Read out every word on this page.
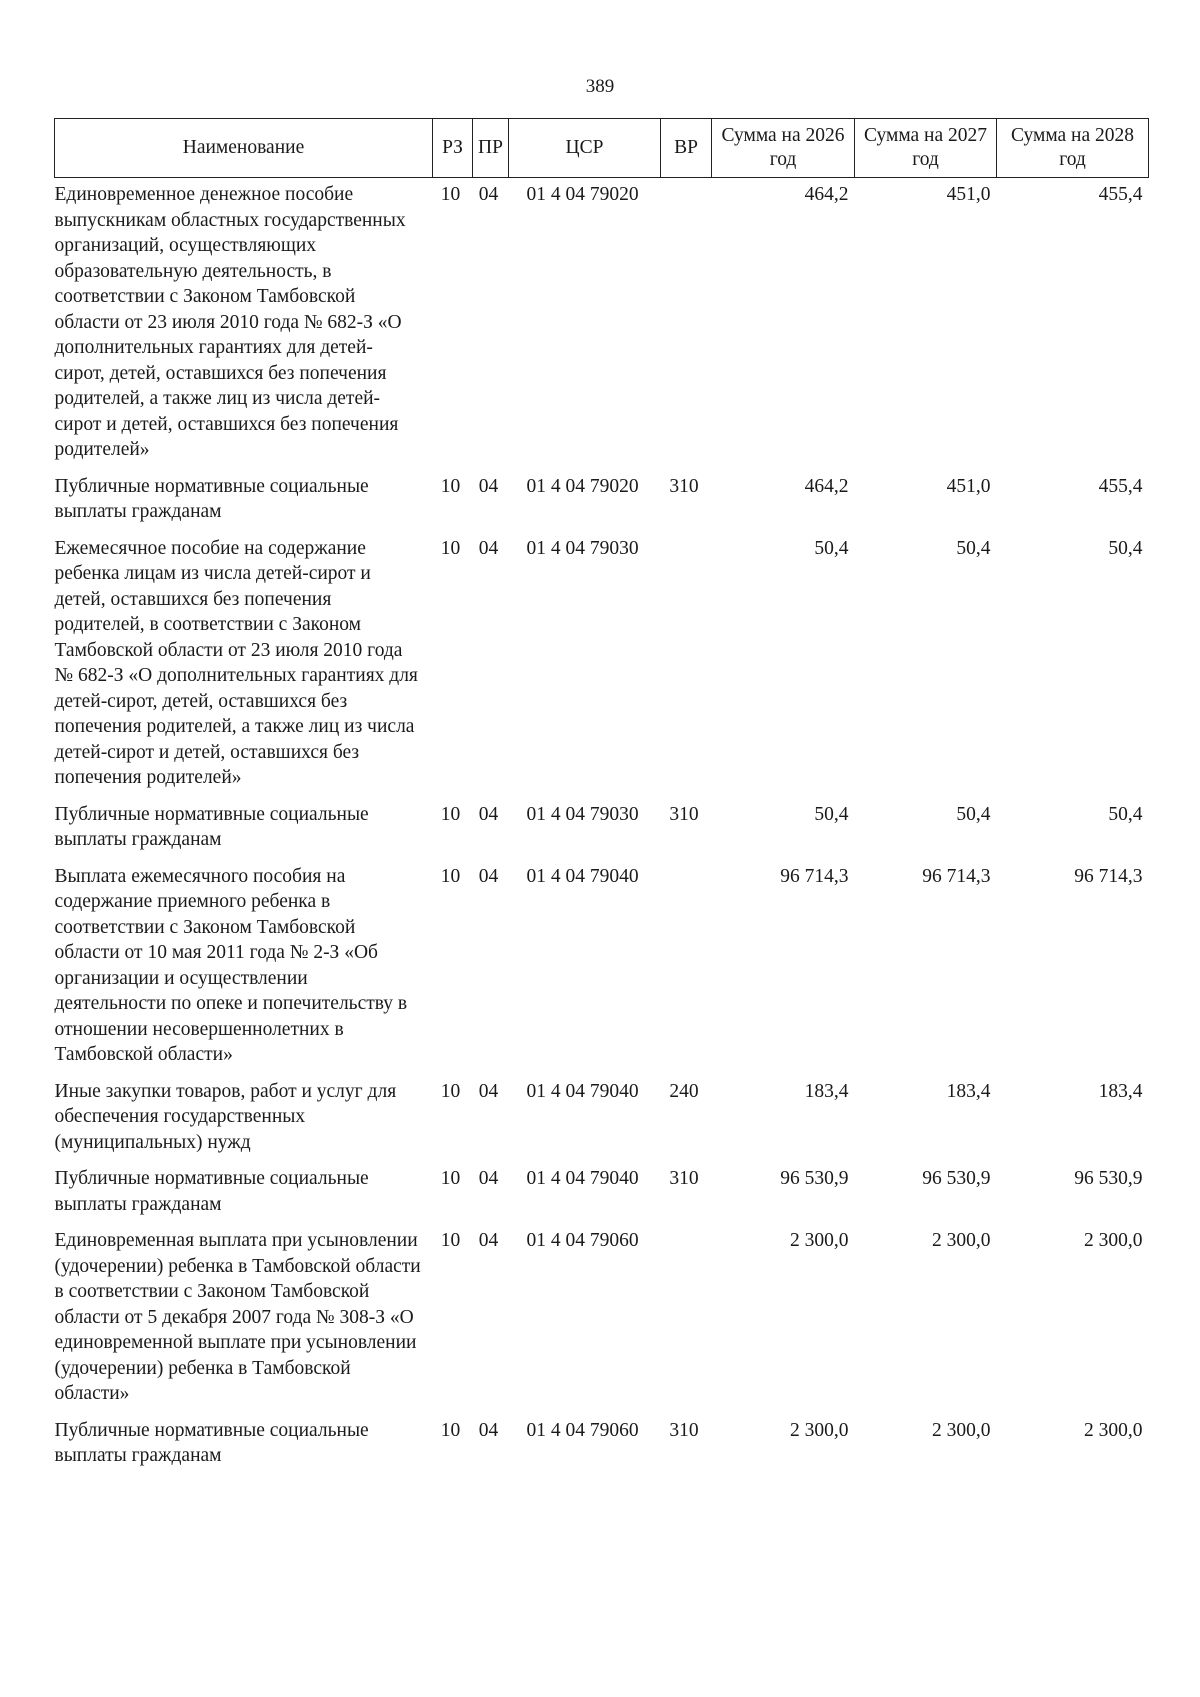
389
Наименование	РЗ	ПР	ЦСР	ВР	Сумма на 2026 год	Сумма на 2027 год	Сумма на 2028 год
Единовременное денежное пособие выпускникам областных государственных организаций, осуществляющих образовательную деятельность, в соответствии с Законом Тамбовской области от 23 июля 2010 года № 682-З «О дополнительных гарантиях для детей-сирот, детей, оставшихся без попечения родителей, а также лиц из числа детей-сирот и детей, оставшихся без попечения родителей»	10	04	01 4 04 79020		464,2	451,0	455,4
Публичные нормативные социальные выплаты гражданам	10	04	01 4 04 79020	310	464,2	451,0	455,4
Ежемесячное пособие на содержание ребенка лицам из числа детей-сирот и детей, оставшихся без попечения родителей, в соответствии с Законом Тамбовской области от 23 июля 2010 года № 682-З «О дополнительных гарантиях для детей-сирот, детей, оставшихся без попечения родителей, а также лиц из числа детей-сирот и детей, оставшихся без попечения родителей»	10	04	01 4 04 79030		50,4	50,4	50,4
Публичные нормативные социальные выплаты гражданам	10	04	01 4 04 79030	310	50,4	50,4	50,4
Выплата ежемесячного пособия на содержание приемного ребенка в соответствии с Законом Тамбовской области от 10 мая 2011 года № 2-З «Об организации и осуществлении деятельности по опеке и попечительству в отношении несовершеннолетних в Тамбовской области»	10	04	01 4 04 79040		96 714,3	96 714,3	96 714,3
Иные закупки товаров, работ и услуг для обеспечения государственных (муниципальных) нужд	10	04	01 4 04 79040	240	183,4	183,4	183,4
Публичные нормативные социальные выплаты гражданам	10	04	01 4 04 79040	310	96 530,9	96 530,9	96 530,9
Единовременная выплата при усыновлении (удочерении) ребенка в Тамбовской области в соответствии с Законом Тамбовской области от 5 декабря 2007 года № 308-З «О единовременной выплате при усыновлении (удочерении) ребенка в Тамбовской области»	10	04	01 4 04 79060		2 300,0	2 300,0	2 300,0
Публичные нормативные социальные выплаты гражданам	10	04	01 4 04 79060	310	2 300,0	2 300,0	2 300,0
